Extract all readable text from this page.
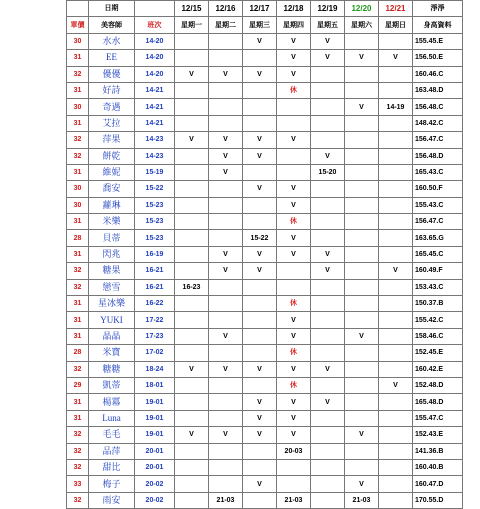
	日期		12/15	12/16	12/17	12/18	12/19	12/20	12/21	淨淨
單價	美容師	班次	星期一	星期二	星期三	星期四	星期五	星期六	星期日	身高資料
30	水水	14-20			V	V	V			155.45.E
31	EE	14-20				V	V	V	V	156.50.E
32	優優	14-20	V	V	V	V				160.46.C
31	好詩	14-21				休				163.48.D
30	奇遇	14-21						V	14-19	156.48.C
31	艾拉	14-21								148.42.C
32	萍果	14-23	V	V	V	V				156.47.C
32	餅乾	14-23		V	V		V			156.48.D
31	維妮	15-19		V			15-20			165.43.C
30	喬安	15-22			V	V				160.50.F
30	蘿琳	15-23				V				155.43.C
31	米樂	15-23				休				156.47.C
28	貝蒂	15-23			15-22	V				163.65.G
31	閃兆	16-19		V	V	V	V			165.45.C
32	糖果	16-21		V	V		V		V	160.49.F
32	戀雪	16-21	16-23							153.43.C
31	星冰樂	16-22				休				150.37.B
31	YUKI	17-22				V				155.42.C
31	晶晶	17-23		V		V		V		158.46.C
28	米寶	17-02				休				152.45.E
32	糖糖	18-24	V	V	V	V	V			160.42.E
29	凱蒂	18-01				休			V	152.48.D
31	楊冪	19-01			V	V	V			165.48.D
31	Luna	19-01			V	V				155.47.C
32	毛毛	19-01	V	V	V	V		V		152.43.E
32	品萍	20-01				20-03				141.36.B
32	甜比	20-01								160.40.B
33	梅子	20-02			V			V		160.47.D
32	雨安	20-02		21-03		21-03		21-03		170.55.D
